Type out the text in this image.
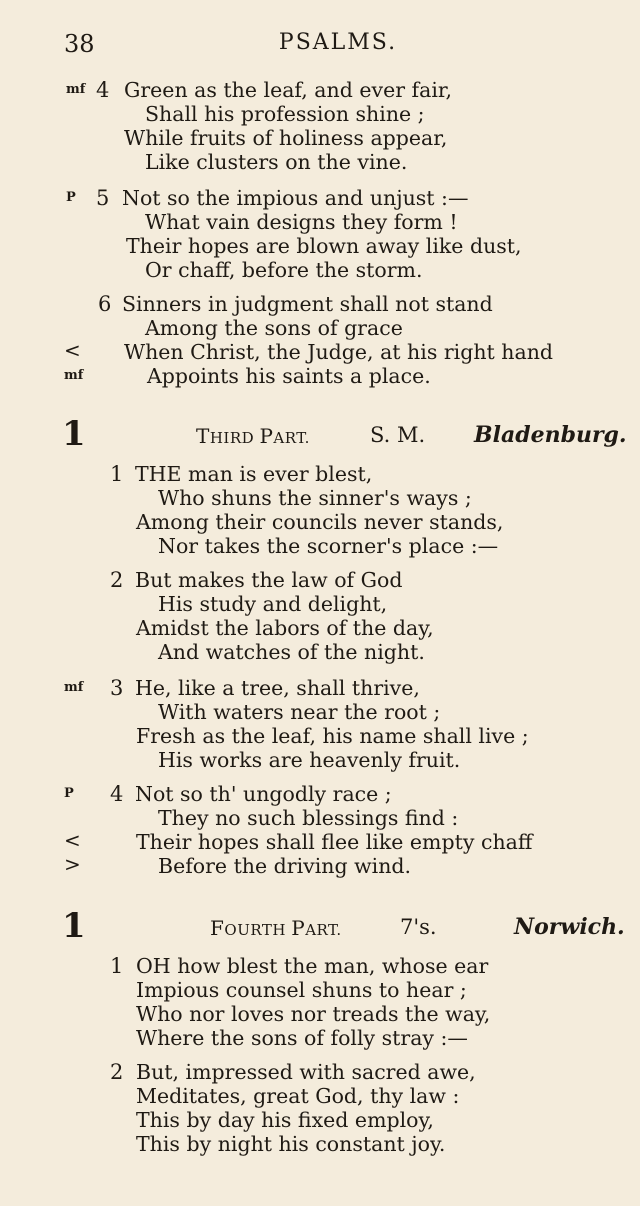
38	PSALMS.
mf 4 Green as the leaf, and ever fair,
Shall his profession shine ;
While fruits of holiness appear,
Like clusters on the vine.
P 5 Not so the impious and unjust :—
What vain designs they form !
Their hopes are blown away like dust,
Or chaff, before the storm.
6 Sinners in judgment shall not stand
Among the sons of grace
< When Christ, the Judge, at his right hand
mf	Appoints his saints a place.
1	THIRD PART.	S. M. Bladenburg.
1 THE man is ever blest,
Who shuns the sinner's ways ;
Among their councils never stands,
Nor takes the scorner's place :—
2 But makes the law of God
His study and delight,
Amidst the labors of the day,
And watches of the night.
mf 3 He, like a tree, shall thrive,
With waters near the root ;
Fresh as the leaf, his name shall live ;
His works are heavenly fruit.
P 4 Not so th' ungodly race ;
They no such blessings find :
<	Their hopes shall flee like empty chaff
>	Before the driving wind.
1	FOURTH PART.	7's.	Norwich.
1 OH how blest the man, whose ear
Impious counsel shuns to hear ;
Who nor loves nor treads the way,
Where the sons of folly stray :—
2 But, impressed with sacred awe,
Meditates, great God, thy law :
This by day his fixed employ,
This by night his constant joy.
